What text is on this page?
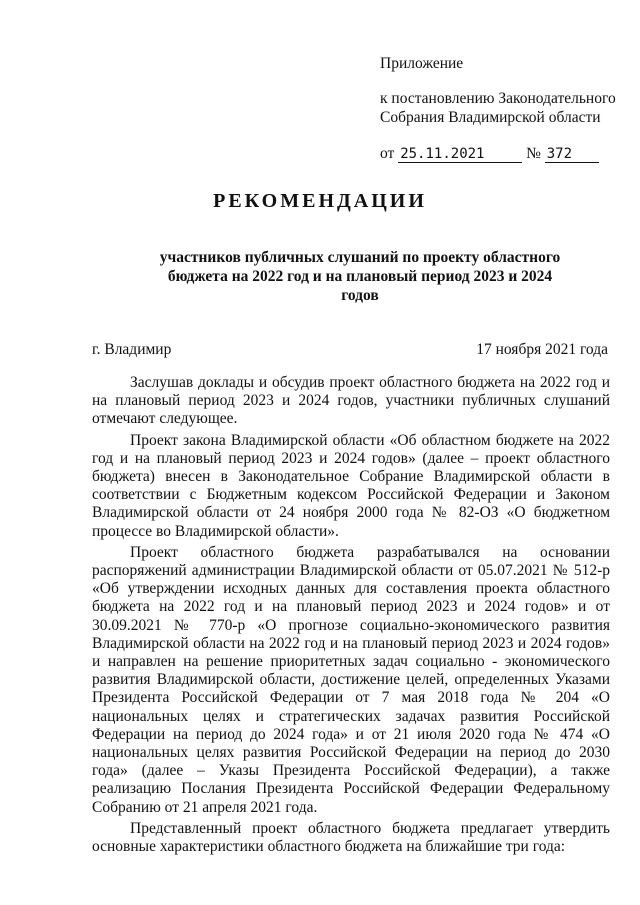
Приложение
к постановлению Законодательного Собрания Владимирской области
от 25.11.2021	№ 372
РЕКОМЕНДАЦИИ
участников публичных слушаний по проекту областного бюджета на 2022 год и на плановый период 2023 и 2024 годов
г. Владимир	17 ноября 2021 года

Заслушав доклады и обсудив проект областного бюджета на 2022 год и на плановый период 2023 и 2024 годов, участники публичных слушаний отмечают следующее.

Проект закона Владимирской области «Об областном бюджете на 2022 год и на плановый период 2023 и 2024 годов» (далее – проект областного бюджета) внесен в Законодательное Собрание Владимирской области в соответствии с Бюджетным кодексом Российской Федерации и Законом Владимирской области от 24 ноября 2000 года № 82-ОЗ «О бюджетном процессе во Владимирской области».

Проект областного бюджета разрабатывался на основании распоряжений администрации Владимирской области от 05.07.2021 № 512-р «Об утверждении исходных данных для составления проекта областного бюджета на 2022 год и на плановый период 2023 и 2024 годов» и от 30.09.2021 № 770-р «О прогнозе социально-экономического развития Владимирской области на 2022 год и на плановый период 2023 и 2024 годов» и направлен на решение приоритетных задач социально - экономического развития Владимирской области, достижение целей, определенных Указами Президента Российской Федерации от 7 мая 2018 года № 204 «О национальных целях и стратегических задачах развития Российской Федерации на период до 2024 года» и от 21 июля 2020 года № 474 «О национальных целях развития Российской Федерации на период до 2030 года» (далее – Указы Президента Российской Федерации), а также реализацию Послания Президента Российской Федерации Федеральному Собранию от 21 апреля 2021 года.

Представленный проект областного бюджета предлагает утвердить основные характеристики областного бюджета на ближайшие три года:
